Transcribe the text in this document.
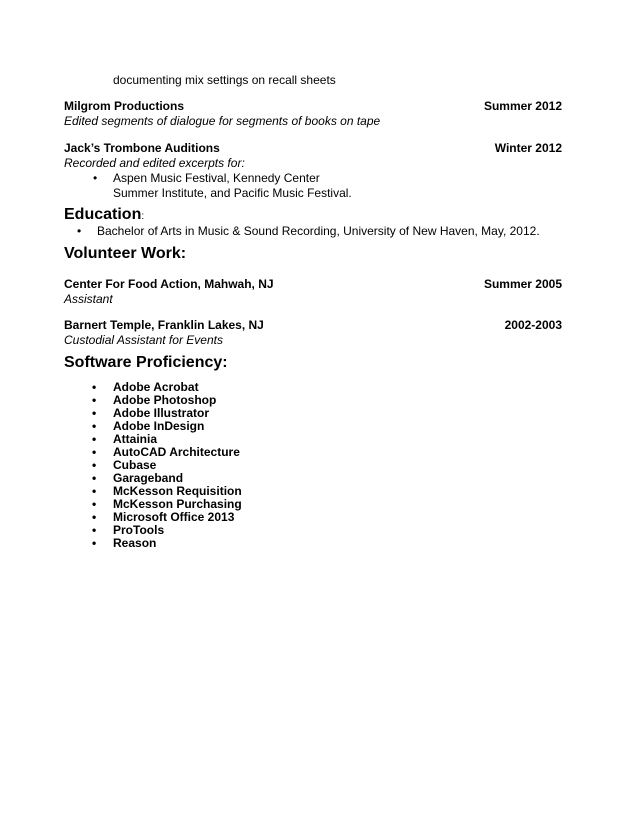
documenting mix settings on recall sheets
Milgrom Productions	Summer 2012
Edited segments of dialogue for segments of books on tape
Jack’s Trombone Auditions	Winter 2012
Recorded and edited excerpts for:
• Aspen Music Festival, Kennedy Center
Summer Institute, and Pacific Music Festival.
Education:
• Bachelor of Arts in Music & Sound Recording, University of New Haven, May, 2012.
Volunteer Work:
Center For Food Action, Mahwah, NJ	Summer 2005
Assistant
Barnert Temple, Franklin Lakes, NJ	2002-2003
Custodial Assistant for Events
Software Proficiency:
• Adobe Acrobat
• Adobe Photoshop
• Adobe Illustrator
• Adobe InDesign
• Attainia
• AutoCAD Architecture
• Cubase
• Garageband
• McKesson Requisition
• McKesson Purchasing
• Microsoft Office 2013
• ProTools
• Reason
